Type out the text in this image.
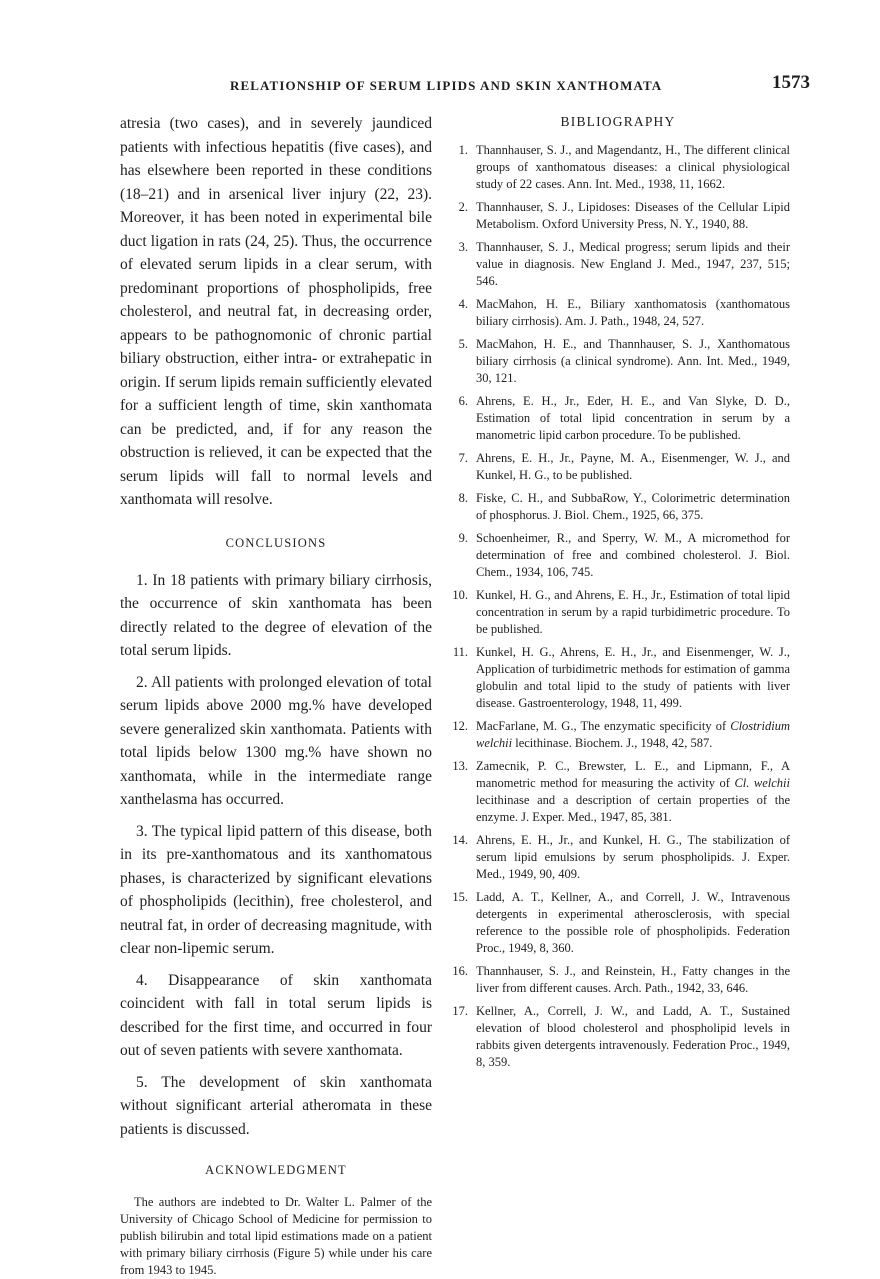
RELATIONSHIP OF SERUM LIPIDS AND SKIN XANTHOMATA	1573

atresia (two cases), and in severely jaundiced patients with infectious hepatitis (five cases), and has elsewhere been reported in these conditions (18–21) and in arsenical liver injury (22, 23). Moreover, it has been noted in experimental bile duct ligation in rats (24, 25). Thus, the occurrence of elevated serum lipids in a clear serum, with predominant proportions of phospholipids, free cholesterol, and neutral fat, in decreasing order, appears to be pathognomonic of chronic partial biliary obstruction, either intra- or extrahepatic in origin. If serum lipids remain sufficiently elevated for a sufficient length of time, skin xanthomata can be predicted, and, if for any reason the obstruction is relieved, it can be expected that the serum lipids will fall to normal levels and xanthomata will resolve.

CONCLUSIONS

1. In 18 patients with primary biliary cirrhosis, the occurrence of skin xanthomata has been directly related to the degree of elevation of the total serum lipids.

2. All patients with prolonged elevation of total serum lipids above 2000 mg.% have developed severe generalized skin xanthomata. Patients with total lipids below 1300 mg.% have shown no xanthomata, while in the intermediate range xanthelasma has occurred.

3. The typical lipid pattern of this disease, both in its pre-xanthomatous and its xanthomatous phases, is characterized by significant elevations of phospholipids (lecithin), free cholesterol, and neutral fat, in order of decreasing magnitude, with clear non-lipemic serum.

4. Disappearance of skin xanthomata coincident with fall in total serum lipids is described for the first time, and occurred in four out of seven patients with severe xanthomata.

5. The development of skin xanthomata without significant arterial atheromata in these patients is discussed.

ACKNOWLEDGMENT

The authors are indebted to Dr. Walter L. Palmer of the University of Chicago School of Medicine for permission to publish bilirubin and total lipid estimations made on a patient with primary biliary cirrhosis (Figure 5) while under his care from 1943 to 1945.

BIBLIOGRAPHY

1. Thannhauser, S. J., and Magendantz, H., The different clinical groups of xanthomatous diseases: a clinical physiological study of 22 cases. Ann. Int. Med., 1938, 11, 1662.

2. Thannhauser, S. J., Lipidoses: Diseases of the Cellular Lipid Metabolism. Oxford University Press, N. Y., 1940, 88.

3. Thannhauser, S. J., Medical progress; serum lipids and their value in diagnosis. New England J. Med., 1947, 237, 515; 546.

4. MacMahon, H. E., Biliary xanthomatosis (xanthomatous biliary cirrhosis). Am. J. Path., 1948, 24, 527.

5. MacMahon, H. E., and Thannhauser, S. J., Xanthomatous biliary cirrhosis (a clinical syndrome). Ann. Int. Med., 1949, 30, 121.

6. Ahrens, E. H., Jr., Eder, H. E., and Van Slyke, D. D., Estimation of total lipid concentration in serum by a manometric lipid carbon procedure. To be published.

7. Ahrens, E. H., Jr., Payne, M. A., Eisenmenger, W. J., and Kunkel, H. G., to be published.

8. Fiske, C. H., and SubbaRow, Y., Colorimetric determination of phosphorus. J. Biol. Chem., 1925, 66, 375.

9. Schoenheimer, R., and Sperry, W. M., A micromethod for determination of free and combined cholesterol. J. Biol. Chem., 1934, 106, 745.

10. Kunkel, H. G., and Ahrens, E. H., Jr., Estimation of total lipid concentration in serum by a rapid turbidimetric procedure. To be published.

11. Kunkel, H. G., Ahrens, E. H., Jr., and Eisenmenger, W. J., Application of turbidimetric methods for estimation of gamma globulin and total lipid to the study of patients with liver disease. Gastroenterology, 1948, 11, 499.

12. MacFarlane, M. G., The enzymatic specificity of Clostridium welchii lecithinase. Biochem. J., 1948, 42, 587.

13. Zamecnik, P. C., Brewster, L. E., and Lipmann, F., A manometric method for measuring the activity of Cl. welchii lecithinase and a description of certain properties of the enzyme. J. Exper. Med., 1947, 85, 381.

14. Ahrens, E. H., Jr., and Kunkel, H. G., The stabilization of serum lipid emulsions by serum phospholipids. J. Exper. Med., 1949, 90, 409.

15. Ladd, A. T., Kellner, A., and Correll, J. W., Intravenous detergents in experimental atherosclerosis, with special reference to the possible role of phospholipids. Federation Proc., 1949, 8, 360.

16. Thannhauser, S. J., and Reinstein, H., Fatty changes in the liver from different causes. Arch. Path., 1942, 33, 646.

17. Kellner, A., Correll, J. W., and Ladd, A. T., Sustained elevation of blood cholesterol and phospholipid levels in rabbits given detergents intravenously. Federation Proc., 1949, 8, 359.
